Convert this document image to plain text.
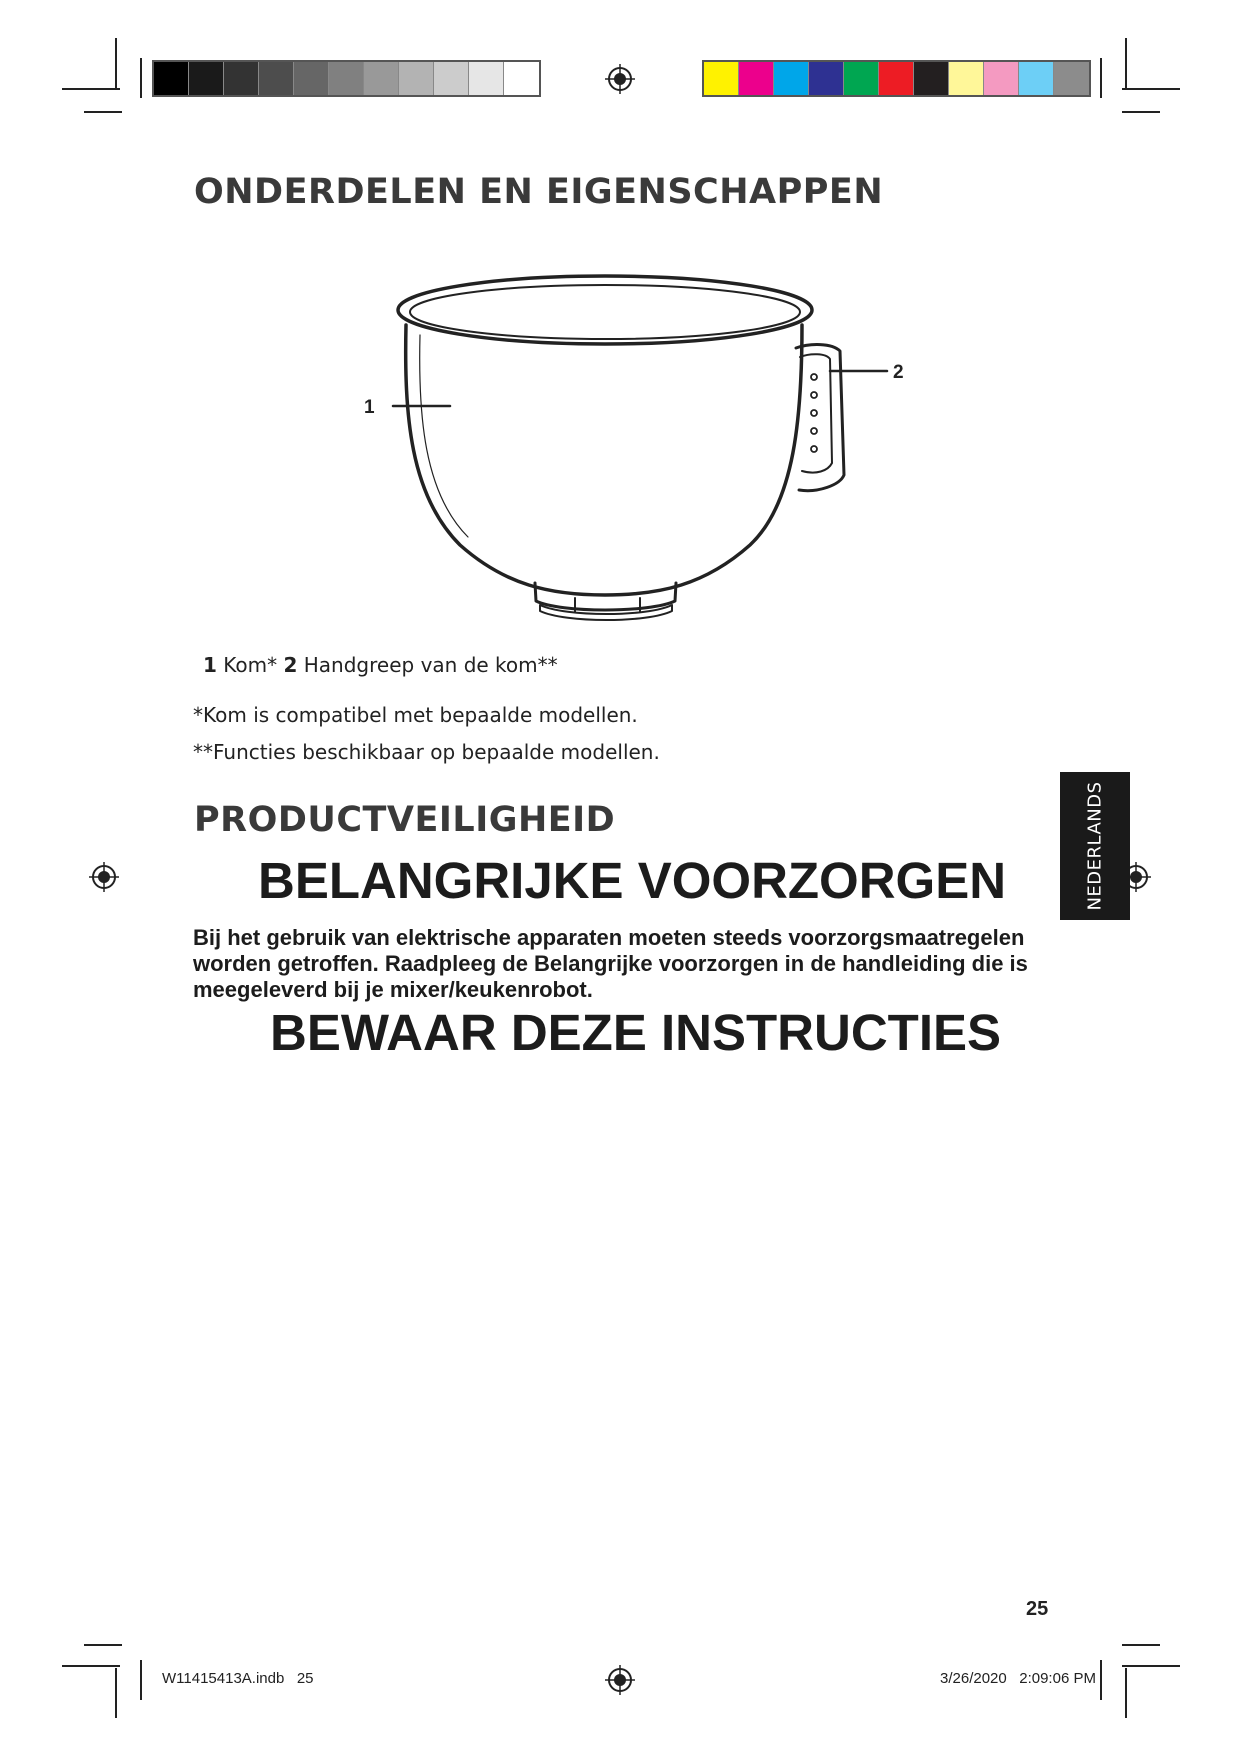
ONDERDELEN EN EIGENSCHAPPEN
1
2
1 Kom* 2 Handgreep van de kom**
*Kom is compatibel met bepaalde modellen.
**Functies beschikbaar op bepaalde modellen.
PRODUCTVEILIGHEID
BELANGRIJKE VOORZORGEN

Bij het gebruik van elektrische apparaten moeten steeds voorzorgsmaatregelen worden getroffen. Raadpleeg de Belangrijke voorzorgen in de handleiding die is meegeleverd bij je mixer/keukenrobot.

BEWAAR DEZE INSTRUCTIES
NEDERLANDS
25
W11415413A.indb   25	3/26/2020   2:09:06 PM
